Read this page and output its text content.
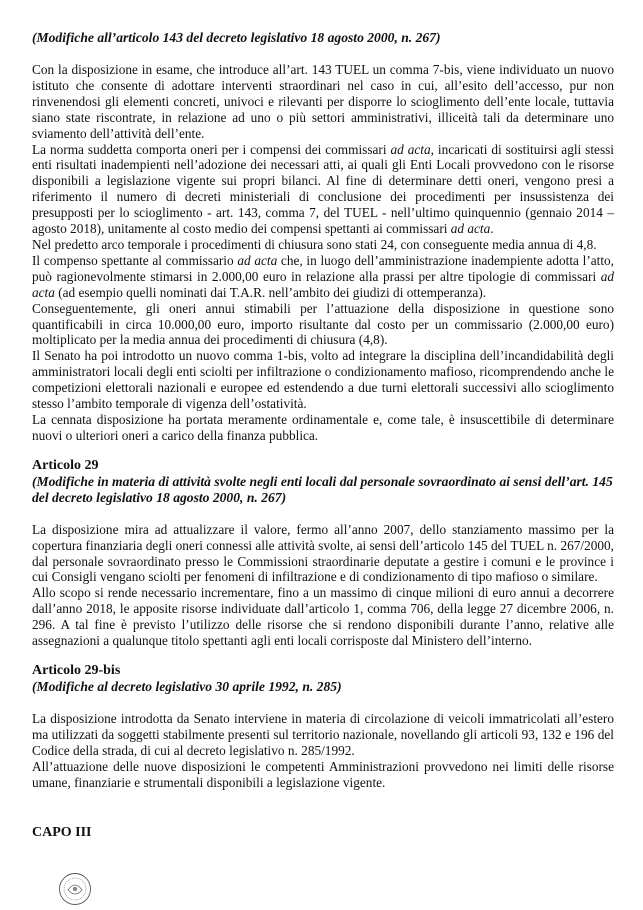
(Modifiche all’articolo 143 del decreto legislativo 18 agosto 2000, n. 267)

Con la disposizione in esame, che introduce all’art. 143 TUEL un comma 7-bis, viene individuato un nuovo istituto che consente di adottare interventi straordinari nel caso in cui, all’esito dell’accesso, pur non rinvenendosi gli elementi concreti, univoci e rilevanti per disporre lo scioglimento dell’ente locale, tuttavia siano state riscontrate, in relazione ad uno o più settori amministrativi, illiceità tali da determinare uno sviamento dell’attività dell’ente.

La norma suddetta comporta oneri per i compensi dei commissari ad acta, incaricati di sostituirsi agli stessi enti risultati inadempienti nell’adozione dei necessari atti, ai quali gli Enti Locali provvedono con le risorse disponibili a legislazione vigente sui propri bilanci. Al fine di determinare detti oneri, vengono presi a riferimento il numero di decreti ministeriali di conclusione dei procedimenti per insussistenza dei presupposti per lo scioglimento - art. 143, comma 7, del TUEL - nell’ultimo quinquennio (gennaio 2014 – agosto 2018), unitamente al costo medio dei compensi spettanti ai commissari ad acta.

Nel predetto arco temporale i procedimenti di chiusura sono stati 24, con conseguente media annua di 4,8.

Il compenso spettante al commissario ad acta che, in luogo dell’amministrazione inadempiente adotta l’atto, può ragionevolmente stimarsi in 2.000,00 euro in relazione alla prassi per altre tipologie di commissari ad acta (ad esempio quelli nominati dai T.A.R. nell’ambito dei giudizi di ottemperanza).

Conseguentemente, gli oneri annui stimabili per l’attuazione della disposizione in questione sono quantificabili in circa 10.000,00 euro, importo risultante dal costo per un commissario (2.000,00 euro) moltiplicato per la media annua dei procedimenti di chiusura (4,8).

Il Senato ha poi introdotto un nuovo comma 1-bis, volto ad integrare la disciplina dell’incandidabilità degli amministratori locali degli enti sciolti per infiltrazione o condizionamento mafioso, ricomprendendo anche le competizioni elettorali nazionali e europee ed estendendo a due turni elettorali successivi allo scioglimento stesso l’ambito temporale di vigenza dell’ostatività.

La cennata disposizione ha portata meramente ordinamentale e, come tale, è insuscettibile di determinare nuovi o ulteriori oneri a carico della finanza pubblica.

Articolo 29

(Modifiche in materia di attività svolte negli enti locali dal personale sovraordinato ai sensi dell’art. 145 del decreto legislativo 18 agosto 2000, n. 267)

La disposizione mira ad attualizzare il valore, fermo all’anno 2007, dello stanziamento massimo per la copertura finanziaria degli oneri connessi alle attività svolte, ai sensi dell’articolo 145 del TUEL n. 267/2000, dal personale sovraordinato presso le Commissioni straordinarie deputate a gestire i comuni e le province i cui Consigli vengano sciolti per fenomeni di infiltrazione e di condizionamento di tipo mafioso o similare.

Allo scopo si rende necessario incrementare, fino a un massimo di cinque milioni di euro annui a decorrere dall’anno 2018, le apposite risorse individuate dall’articolo 1, comma 706, della legge 27 dicembre 2006, n. 296. A tal fine è previsto l’utilizzo delle risorse che si rendono disponibili durante l’anno, relative alle assegnazioni a qualunque titolo spettanti agli enti locali corrisposte dal Ministero dell’interno.

Articolo 29-bis

(Modifiche al decreto legislativo 30 aprile 1992, n. 285)

La disposizione introdotta da Senato interviene in materia di circolazione di veicoli immatricolati all’estero ma utilizzati da soggetti stabilmente presenti sul territorio nazionale, novellando gli articoli 93, 132 e 196 del Codice della strada, di cui al decreto legislativo n. 285/1992.

All’attuazione delle nuove disposizioni le competenti Amministrazioni provvedono nei limiti delle risorse umane, finanziarie e strumentali disponibili a legislazione vigente.

CAPO III
